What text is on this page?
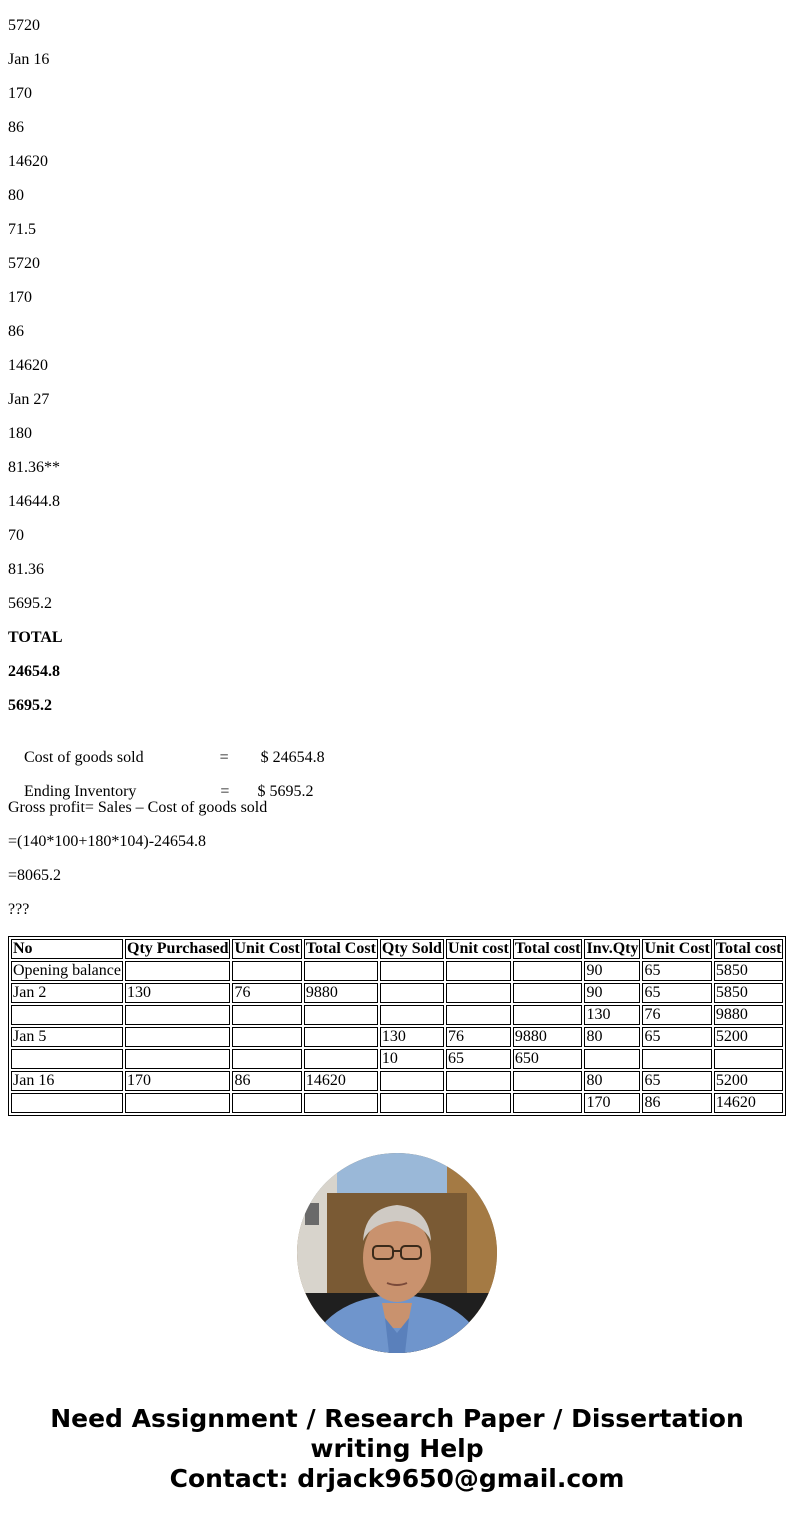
5720
Jan 16
170
86
14620
80
71.5
5720
170
86
14620
Jan 27
180
81.36**
14644.8
70
81.36
5695.2
TOTAL
24654.8
5695.2

Cost of goods sold	=        $ 24654.8

Ending Inventory	=       $ 5695.2

Gross profit= Sales – Cost of goods sold
=(140*100+180*104)-24654.8
=8065.2
???
No	Qty Purchased	Unit Cost	Total Cost	Qty Sold	Unit cost	Total cost	Inv.Qty	Unit Cost	Total cost
Opening balance							90	65	5850
Jan 2	130	76	9880				90	65	5850
							130	76	9880
Jan 5				130	76	9880	80	65	5200
				10	65	650			
Jan 16	170	86	14620				80	65	5200
							170	86	14620
Need Assignment / Research Paper / Dissertation
writing Help
Contact: drjack9650@gmail.com
